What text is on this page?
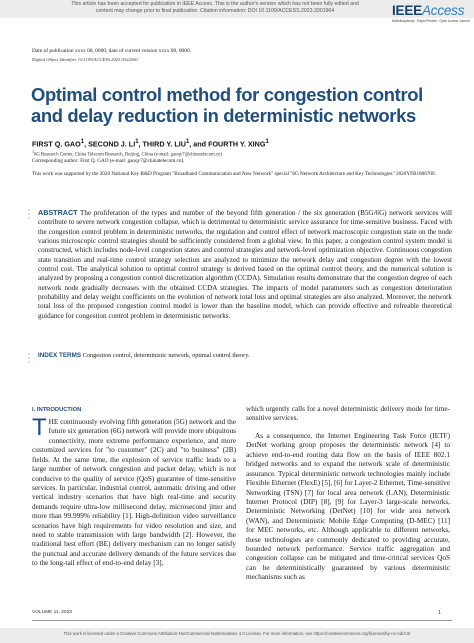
This article has been accepted for publication in IEEE Access. This is the author's version which has not been fully edited and
content may change prior to final publication. Citation information: DOI 10.1109/ACCESS.2023.3301964	IEEEAccess
Multidisciplinary : Rapid Review : Open Access Journal
Date of publication xxxx 00, 0000, date of current version xxxx 00, 0000.
Digital Object Identifier 10.1109/ACCESS.2023.0322000
Optimal control method for congestion control and delay reduction in deterministic networks
FIRST Q. GAO$^1$, SECOND J. $LI^1$, THIRD Y. LIU$^1$, and FOURTH Y. XING$^1$
$^1$6G Research Center, China Telecom Research, Beijing, China (e-mail: gaoqy7@chinatelecom.cn)
Corresponding author: First Q. GAO (e-mail: gaoqy7@chinatelecom.cn).
This work was supported by the 2020 National Key R&D Program "Broadband Communication and New Network" special "6G Network Architecture and Key Technologies" 2020YFB1806700.
▪
▪
▪
▪
▪
▪
ABSTRACT The proliferation of the types and number of the beyond fifth generation / the six generation (B5G/6G) network services will contribute to severe network congestion collapse, which is detrimental to deterministic service assurance for time-sensitive business. Faced with the congestion control problem in deterministic networks, the regulation and control effect of network macroscopic congestion state on the node various microscopic control strategies should be sufficiently considered from a global view. In this paper, a congestion control system model is constructed, which includes node-level congestion states and control strategies and network-level optimization objective. Continuous congestion state transition and real-time control strategy selection are analyzed to minimize the network delay and congestion degree with the lowest control cost. The analytical solution to optimal control strategy is derived based on the optimal control theory, and the numerical solution is analyzed by proposing a congestion control discretization algorithm (CCDA). Simulation results demonstrate that the congestion degree of each network node gradually decreases with the obtained CCDA strategies. The impacts of model parameters such as congestion deterioration probability and delay weight coefficients on the evolution of network total loss and optimal strategies are also analyzed. Moreover, the network total loss of the proposed congestion control model is lower than the baseline model, which can provide effective and refreable theoretical guidance for congestion control problem in deterministic networks.
INDEX TERMS Congestion control, deterministic network, optimal control theory.
I. INTRODUCTION
THE continuously evolving fifth generation (5G) network and the future six generation (6G) network will provide more ubiquitous connectivity, more extreme performance experience, and more customized services for "to customer" (2C) and "to business" (2B) fields. At the same time, the explosion of service traffic leads to a large number of network congestion and packet delay, which is not conducive to the quality of service (QoS) guarantee of time-sensitive services. In particular, industrial control, automatic driving and other vertical industry scenarios that have high real-time and security demands require ultra-low millisecond delay, microsecond jitter and more than 99.999% reliability [1]. High-definition video surveillance scenarios have high requirements for video resolution and size, and need to stable transmission with large bandwidth [2]. However, the traditional best effort (BE) delivery mechanism can no longer satisfy the punctual and accurate delivery demands of the future services due to the long-tail effect of end-to-end delay [3],
which urgently calls for a novel deterministic delivery mode for time-sensitive services.
As a consequence, the Internet Engineering Task Force (IETF) DetNet working group proposes the deterministic network [4] to achieve end-to-end routing data flow on the basis of IEEE 802.1 bridged networks and to expand the network scale of deterministic assurance. Typical deterministic network technologies mainly include Flexible Ethernet (FlexE) [5], [6] for Layer-2 Ethernet, Time-sensitive Networking (TSN) [7] for local area network (LAN), Deterministic Internet Protocol (DIP) [8], [9] for Layer-3 large-scale networks, Deterministic Networking (DetNet) [10] for wide area network (WAN), and Deterministic Mobile Edge Computing (D-MEC) [11] for MEC networks, etc. Although applicable to different networks, these technologies are commonly dedicated to providing accurate, bounded network performance. Service traffic aggregation and congestion collapse can be mitigated and time-critical services QoS can be deterministically guaranteed by various deterministic mechanisms such as
VOLUME 11, 2023	1
This work is licensed under a Creative Commons Attribution-NonCommercial-NoDerivatives 4.0 License. For more information, see https://creativecommons.org/licenses/by-nc-nd/4.0/
